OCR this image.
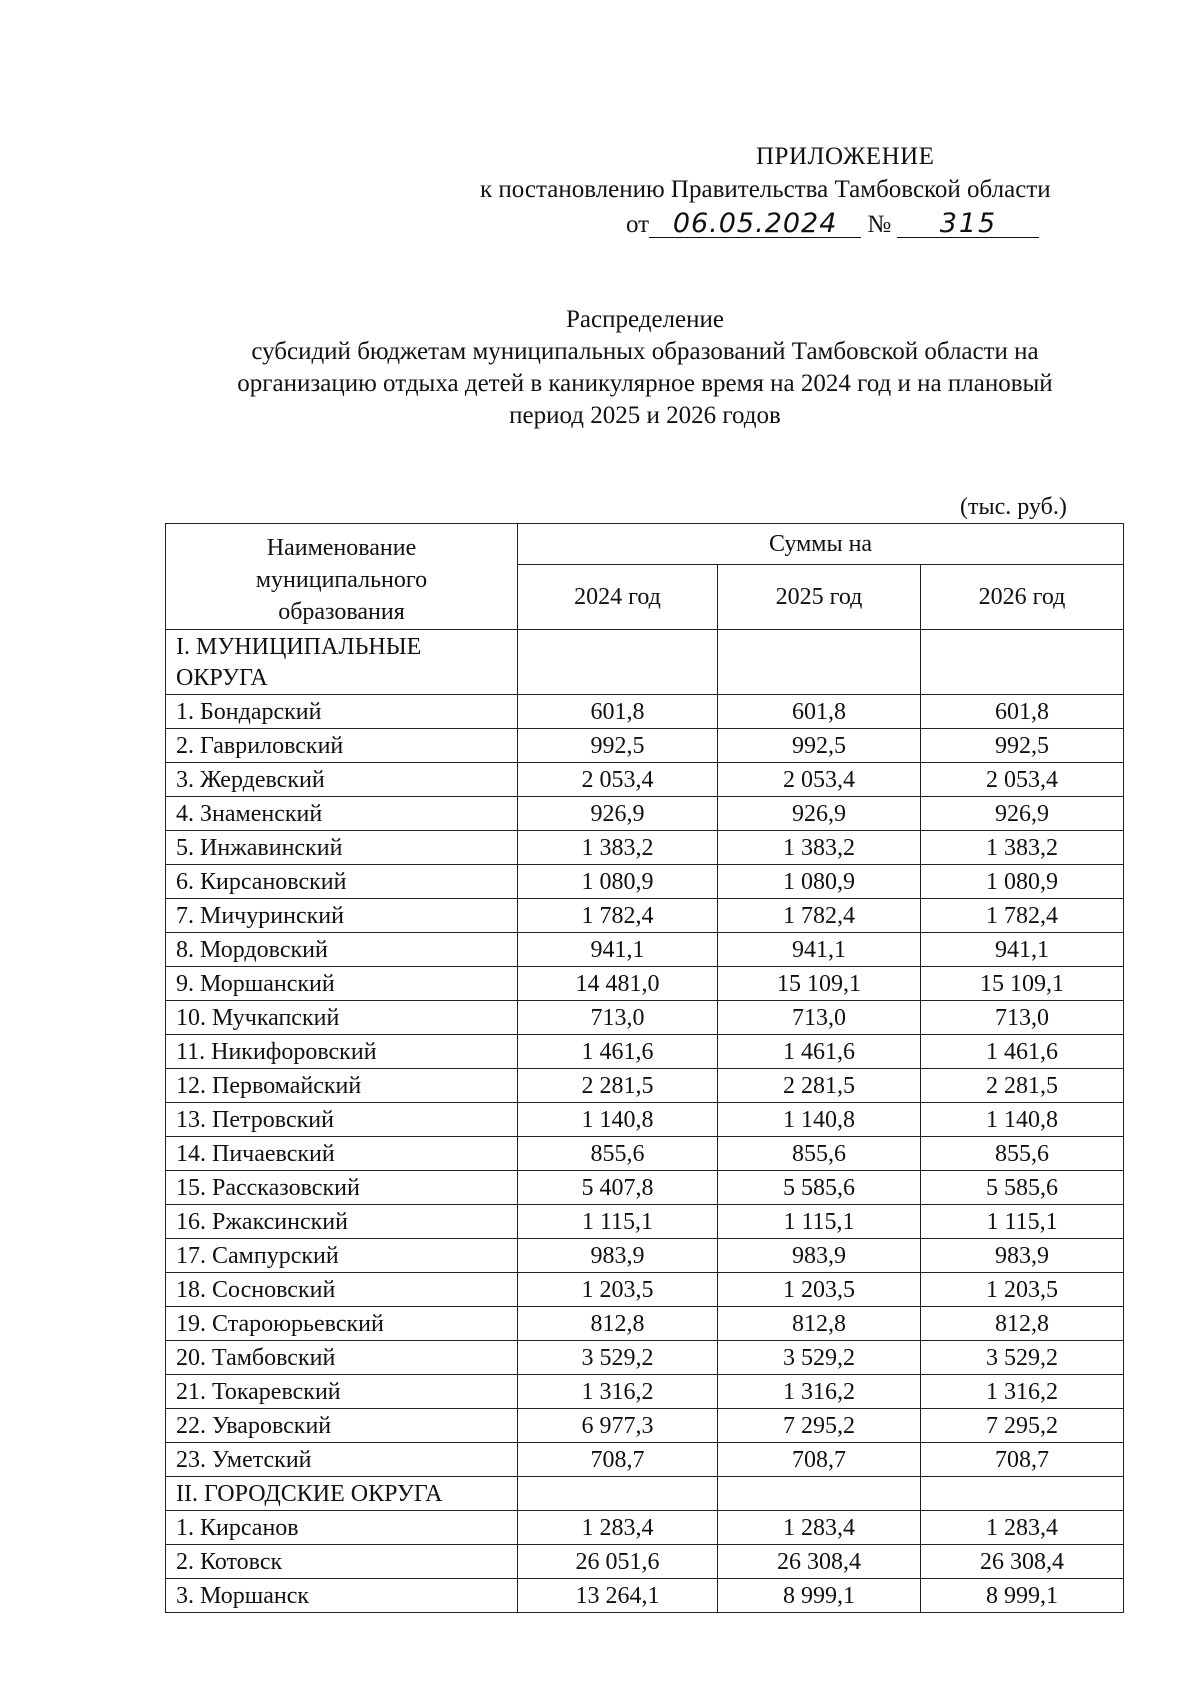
ПРИЛОЖЕНИЕ
к постановлению Правительства Тамбовской области
от 06.05.2024 № 315
Распределение
субсидий бюджетам муниципальных образований Тамбовской области на
организацию отдыха детей в каникулярное время на 2024 год и на плановый
период 2025 и 2026 годов
(тыс. руб.)
Наименование
муниципального
образования	Суммы на		
	2024 год	2025 год	2026 год

I. МУНИЦИПАЛЬНЫЕ
ОКРУГА			

1. Бондарский	601,8	601,8	601,8
2. Гавриловский	992,5	992,5	992,5
3. Жердевский	2 053,4	2 053,4	2 053,4
4. Знаменский	926,9	926,9	926,9
5. Инжавинский	1 383,2	1 383,2	1 383,2
6. Кирсановский	1 080,9	1 080,9	1 080,9
7. Мичуринский	1 782,4	1 782,4	1 782,4
8. Мордовский	941,1	941,1	941,1
9. Моршанский	14 481,0	15 109,1	15 109,1
10. Мучкапский	713,0	713,0	713,0
11. Никифоровский	1 461,6	1 461,6	1 461,6
12. Первомайский	2 281,5	2 281,5	2 281,5
13. Петровский	1 140,8	1 140,8	1 140,8
14. Пичаевский	855,6	855,6	855,6
15. Рассказовский	5 407,8	5 585,6	5 585,6
16. Ржаксинский	1 115,1	1 115,1	1 115,1
17. Сампурский	983,9	983,9	983,9
18. Сосновский	1 203,5	1 203,5	1 203,5
19. Староюрьевский	812,8	812,8	812,8
20. Тамбовский	3 529,2	3 529,2	3 529,2
21. Токаревский	1 316,2	1 316,2	1 316,2
22. Уваровский	6 977,3	7 295,2	7 295,2
23. Уметский	708,7	708,7	708,7
II. ГОРОДСКИЕ ОКРУГА			
1. Кирсанов	1 283,4	1 283,4	1 283,4
2. Котовск	26 051,6	26 308,4	26 308,4
3. Моршанск	13 264,1	8 999,1	8 999,1
